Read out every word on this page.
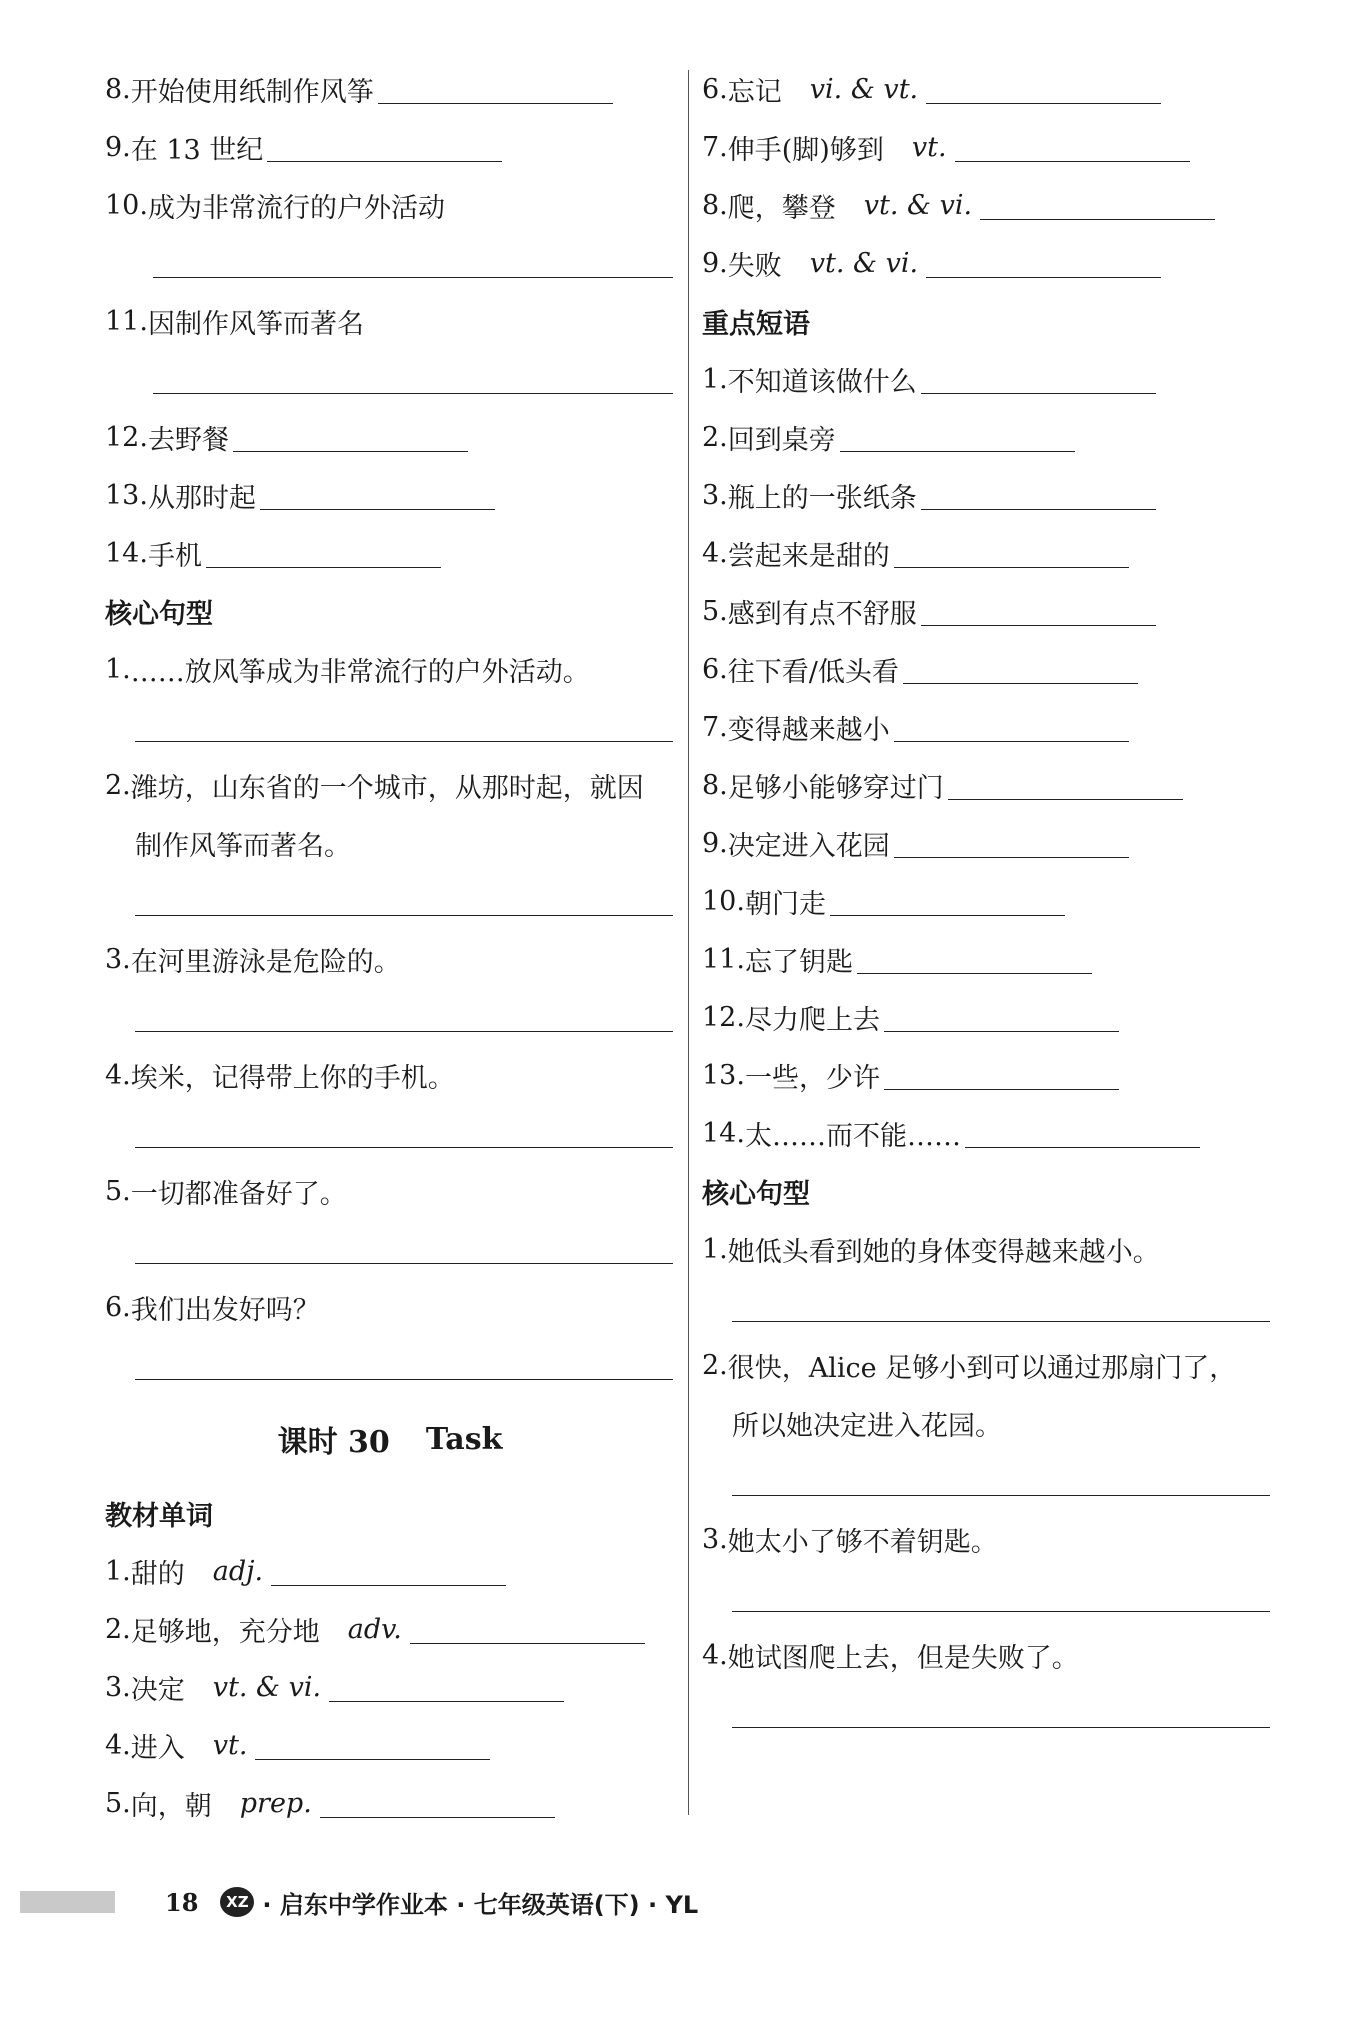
8. 开始使用纸制作风筝
9. 在 13 世纪
10. 成为非常流行的户外活动
11. 因制作风筝而著名
12. 去野餐
13. 从那时起
14. 手机
核心句型
1. ……放风筝成为非常流行的户外活动。
2. 潍坊，山东省的一个城市，从那时起，就因
制作风筝而著名。
3. 在河里游泳是危险的。
4. 埃米，记得带上你的手机。
5. 一切都准备好了。
6. 我们出发好吗？
课时 30 Task
教材单词
1. 甜的 adj.
2. 足够地，充分地 adv.
3. 决定 vt. & vi.
4. 进入 vt.
5. 向，朝 prep.
6. 忘记 vi. & vt.
7. 伸手(脚)够到 vt.
8. 爬，攀登 vt. & vi.
9. 失败 vt. & vi.
重点短语
1. 不知道该做什么
2. 回到桌旁
3. 瓶上的一张纸条
4. 尝起来是甜的
5. 感到有点不舒服
6. 往下看/低头看
7. 变得越来越小
8. 足够小能够穿过门
9. 决定进入花园
10. 朝门走
11. 忘了钥匙
12. 尽力爬上去
13. 一些，少许
14. 太……而不能……
核心句型
1. 她低头看到她的身体变得越来越小。
2. 很快，Alice 足够小到可以通过那扇门了，
所以她决定进入花园。
3. 她太小了够不着钥匙。
4. 她试图爬上去，但是失败了。
18	XZ · 启东中学作业本 · 七年级英语(下) · YL
